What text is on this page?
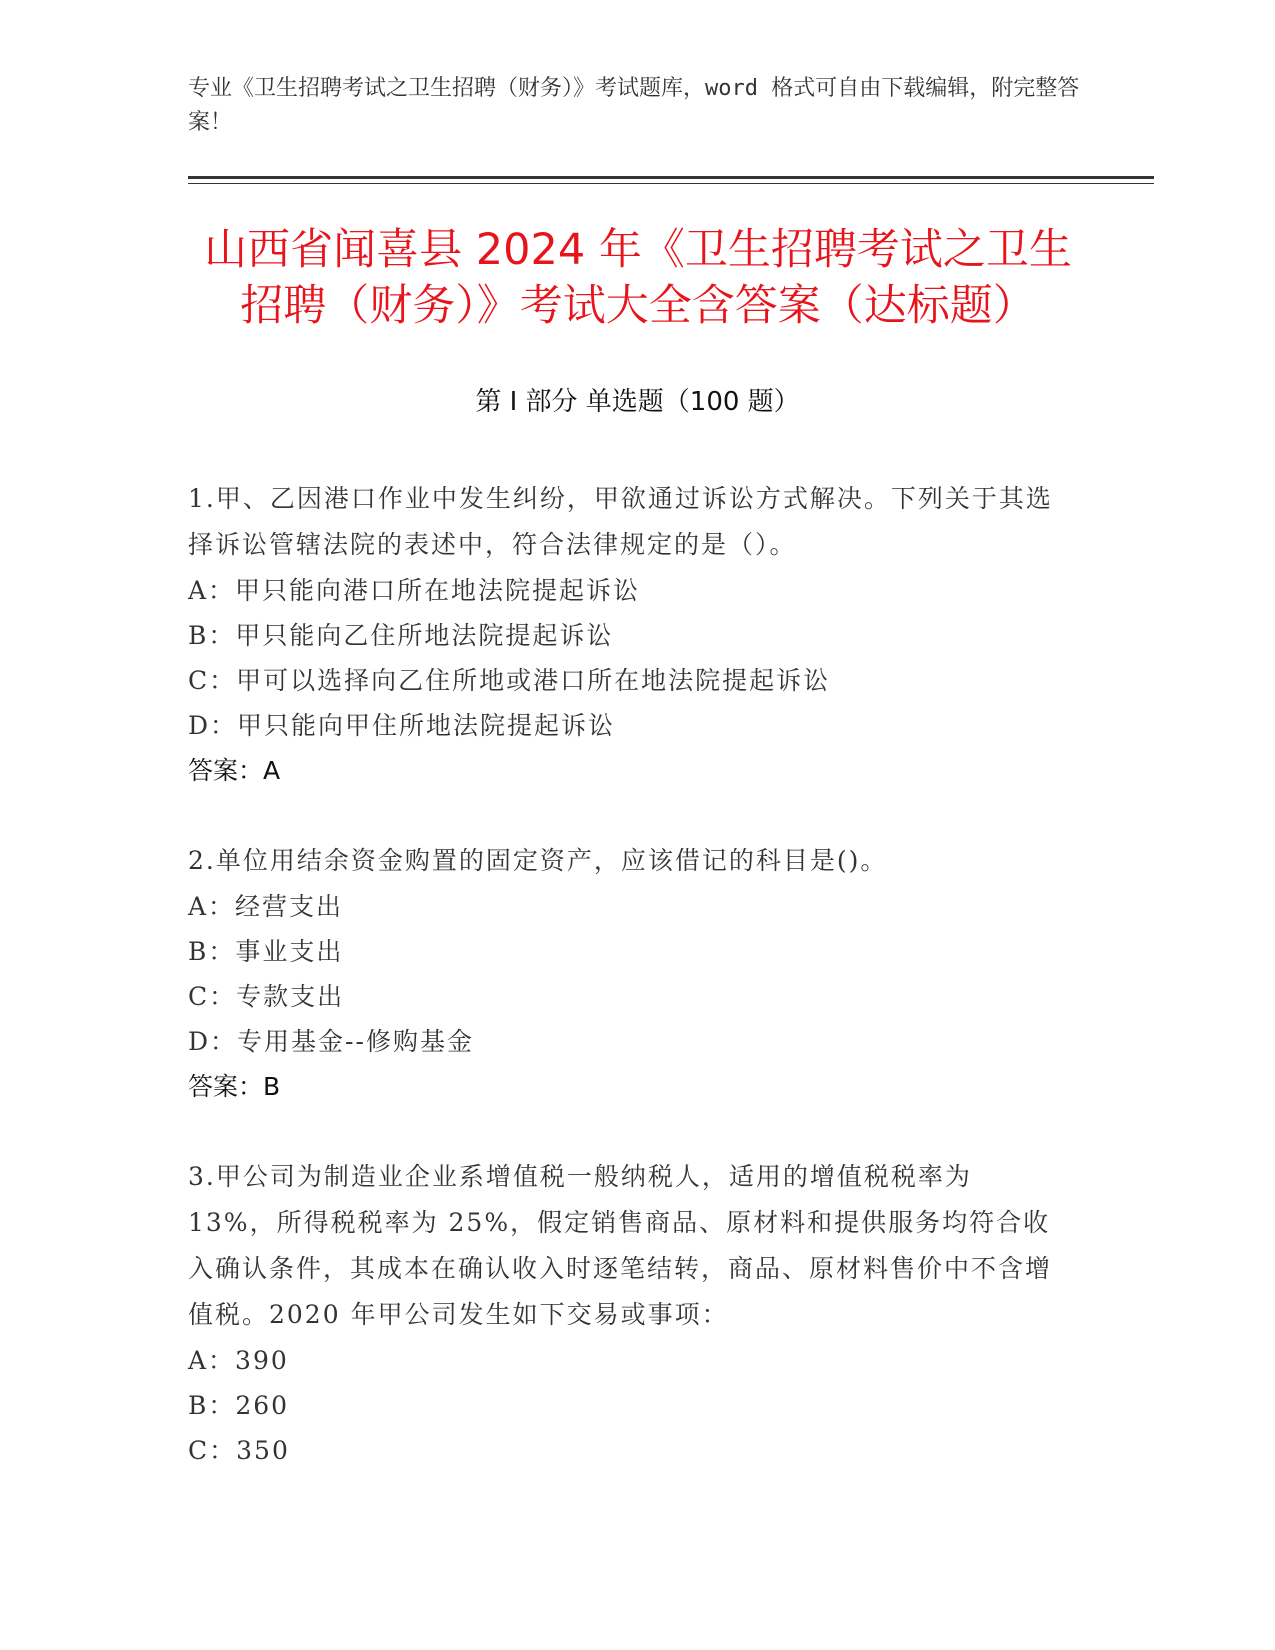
专业《卫生招聘考试之卫生招聘（财务）》考试题库，word 格式可自由下载编辑，附完整答案！
山西省闻喜县 2024 年《卫生招聘考试之卫生招聘（财务）》考试大全含答案（达标题）
第 I 部分 单选题（100 题）
1.甲、乙因港口作业中发生纠纷，甲欲通过诉讼方式解决。下列关于其选择诉讼管辖法院的表述中，符合法律规定的是（）。
A：甲只能向港口所在地法院提起诉讼
B：甲只能向乙住所地法院提起诉讼
C：甲可以选择向乙住所地或港口所在地法院提起诉讼
D：甲只能向甲住所地法院提起诉讼
答案：A
2.单位用结余资金购置的固定资产，应该借记的科目是()。
A：经营支出
B：事业支出
C：专款支出
D：专用基金--修购基金
答案：B
3.甲公司为制造业企业系增值税一般纳税人，适用的增值税税率为 13%，所得税税率为 25%，假定销售商品、原材料和提供服务均符合收入确认条件，其成本在确认收入时逐笔结转，商品、原材料售价中不含增值税。2020 年甲公司发生如下交易或事项：
A：390
B：260
C：350
